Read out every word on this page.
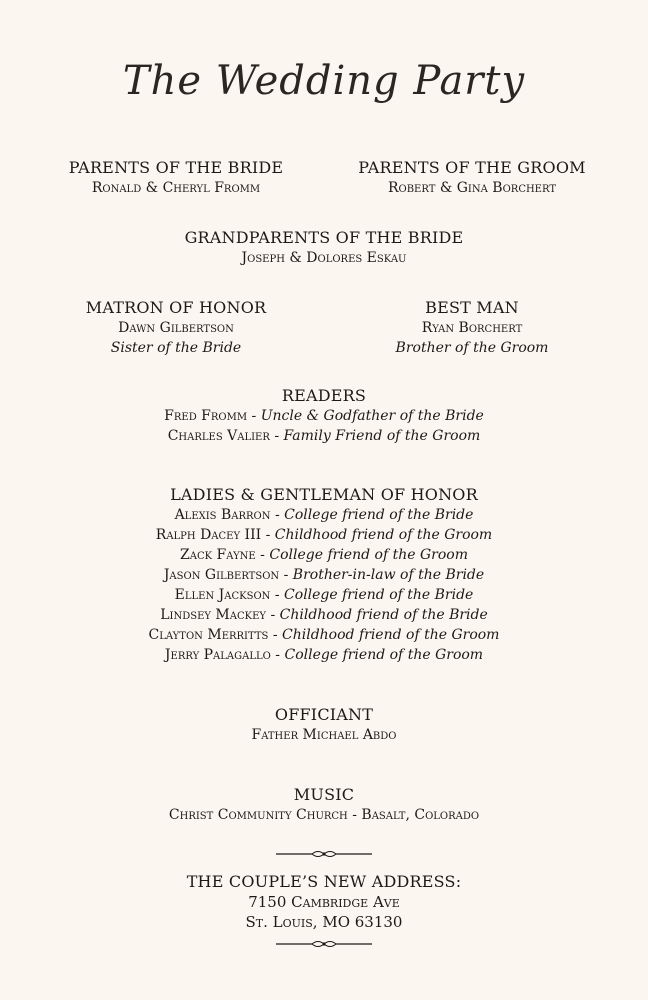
The Wedding Party
PARENTS OF THE BRIDE
Ronald & Cheryl Fromm
PARENTS OF THE GROOM
Robert & Gina Borchert
GRANDPARENTS OF THE BRIDE
Joseph & Dolores Eskau
MATRON OF HONOR
Dawn Gilbertson
Sister of the Bride
BEST MAN
Ryan Borchert
Brother of the Groom
READERS
Fred Fromm - Uncle & Godfather of the Bride
Charles Valier - Family Friend of the Groom
LADIES & GENTLEMAN OF HONOR
Alexis Barron - College friend of the Bride
Ralph Dacey III - Childhood friend of the Groom
Zack Fayne - College friend of the Groom
Jason Gilbertson - Brother-in-law of the Bride
Ellen Jackson - College friend of the Bride
Lindsey Mackey - Childhood friend of the Bride
Clayton Merritts - Childhood friend of the Groom
Jerry Palagallo - College friend of the Groom
OFFICIANT
Father Michael Abdo
MUSIC
Christ Community Church - Basalt, Colorado
THE COUPLE’S NEW ADDRESS:
7150 Cambridge Ave
St. Louis, MO 63130
